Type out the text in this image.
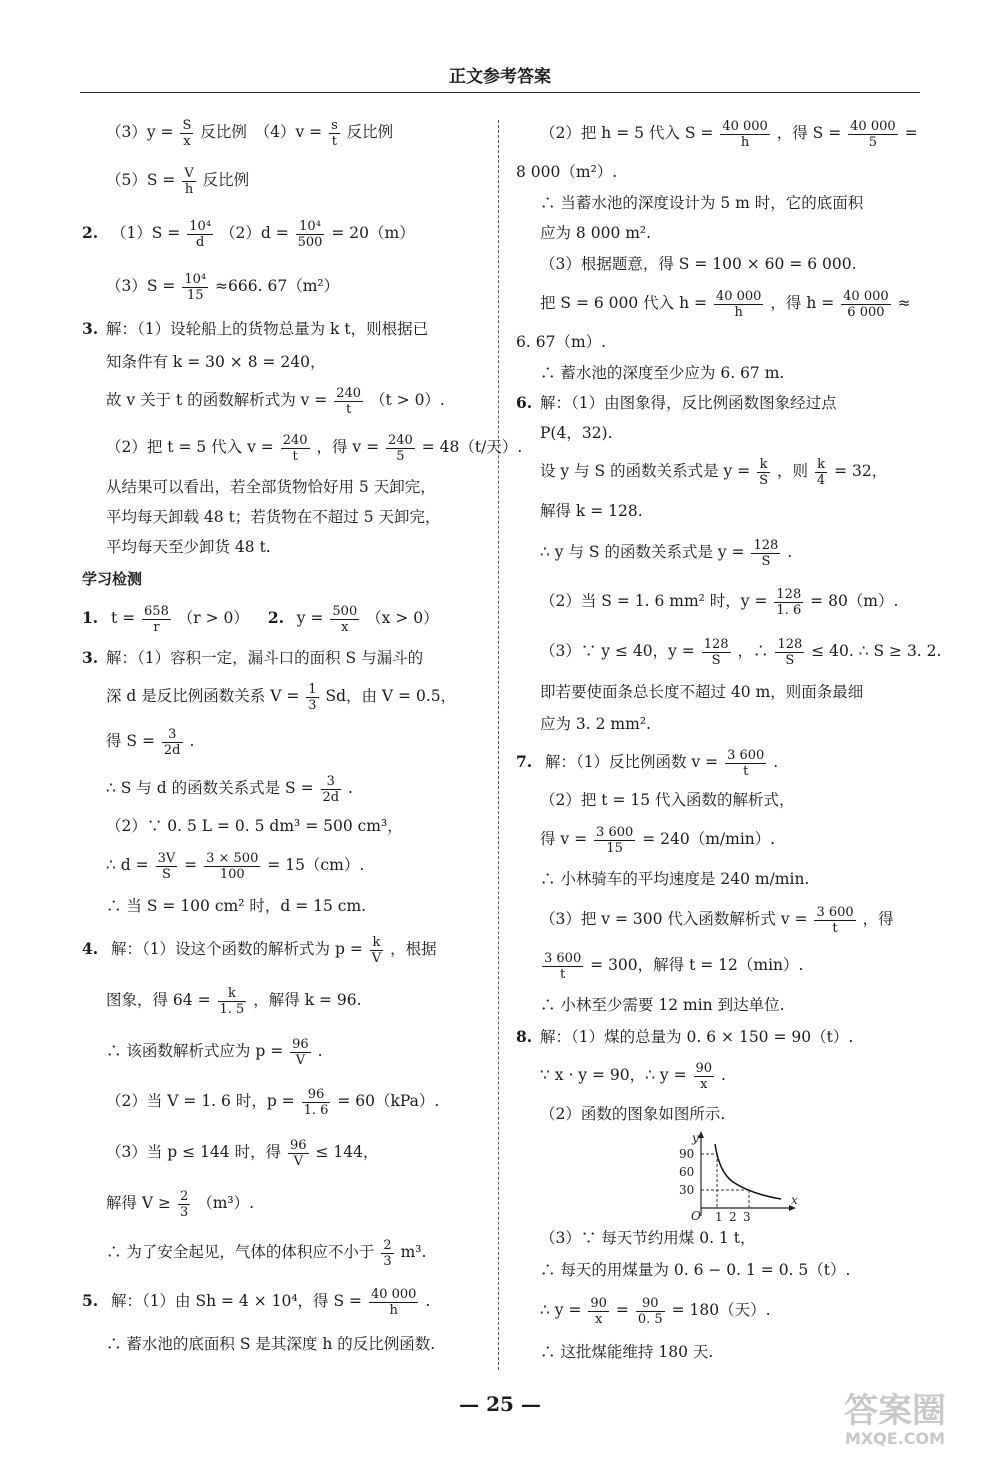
正文参考答案

$(3)y = \frac{S}{x}$ 反比例　$(4)v = \frac{s}{t}$ 反比例

$(5)S = \frac{V}{h}$ 反比例

2. $(1)S = \frac{\text{10⁴}}{d} (2)d = \frac{\text{10⁴}}{500} = 20(m)$

$(3)S = \frac{\text{10⁴}}{15} \approx 666$. 67（m²）

3. 解：（1）设轮船上的货物总量为 k t，则根据已

知条件有 k = 30 × 8 = 240，

故 v 关于 t 的函数解析式为 $v = \frac{240}{t} (t > 0)$.

（2）把 t = 5 代入 $v = \frac{240}{t}$ ，得 $v = \frac{240}{5} = 48(t/$天）.

从结果可以看出，若全部货物恰好用 5 天卸完，

平均每天卸载 48 t；若货物在不超过 5 天卸完，

平均每天至少卸货 48 t.

学习检测

1. $t = \frac{658}{r} (r > 0)$ 2. $y = \frac{500}{x} (x > 0)$

3. 解：（1）容积一定，漏斗口的面积 S 与漏斗的

深 d 是反比例函数关系 $V = \frac{1}{3}$ Sd，由 V = 0.5，

得 $S = \frac{3}{2d}$ .

∴ S 与 d 的函数关系式是 $S = \frac{3}{2d}$ .

（2）∵ 0. 5 L = 0. 5 dm³ = 500 cm³，

∴ $d = \frac{3V}{S} = \frac{3 \times 500}{100} = 15(cm)$.

∴ 当 S = 100 cm² 时，d = 15 cm.

4. 解：（1）设这个函数的解析式为 $p = \frac{k}{V}$ ，根据

图象，得 $64 = \frac{k}{1. 5}$ ，解得 k = 96.

∴ 该函数解析式应为 $p = \frac{96}{V}$ .

（2）当 V = 1. 6 时，$p = \frac{96}{1. 6} = 60(kPa)$.

（3）当 p ≤ 144 时，得 $\frac{96}{V} \le 144$，

解得 $V \ge \frac{2}{3} (m^3)$.

∴ 为了安全起见，气体的体积应不小于 $\frac{2}{3} m^3$.

5. 解：（1）由 Sh = 4 × 10⁴，得 $S = \frac{40 000}{h}$ .

∴ 蓄水池的底面积 S 是其深度 h 的反比例函数.

（2）把 h = 5 代入 $S = \frac{40 000}{h}$ ，得 $S = \frac{40 000}{5}$ =

8 000（m²）.

∴ 当蓄水池的深度设计为 5 m 时，它的底面积

应为 8 000 m².

（3）根据题意，得 S = 100 × 60 = 6 000.

把 S = 6 000 代入 $h = \frac{40 000}{h}$ ，得 $h = \frac{40 000}{6 000}$ ≈

6. 67（m）.

∴ 蓄水池的深度至少应为 6. 67 m.

6. 解：（1）由图象得，反比例函数图象经过点

P(4，32).

设 y 与 S 的函数关系式是 $y = \frac{k}{S}$ ，则 $\frac{k}{4} = 32$，

解得 k = 128.

∴ y 与 S 的函数关系式是 $y = \frac{128}{S}$ .

（2）当 S = 1. 6 mm² 时，$y = \frac{128}{1. 6} = 80(m)$.

（3）∵ y ≤ 40，$y = \frac{128}{S}$ ，∴ $\frac{128}{S} \le 40$. ∴ S ≥ 3. 2.

即若要使面条总长度不超过 40 m，则面条最细

应为 3. 2 mm².

7. 解：（1）反比例函数 $v = \frac{3 600}{t}$ .

（2）把 t = 15 代入函数的解析式，

得 $v = \frac{3 600}{15} = 240(m/\min)$.

∴ 小林骑车的平均速度是 240 m/min.

（3）把 v = 300 代入函数解析式 $v = \frac{3 600}{t}$ ，得

$\frac{3 600}{t} = 300$，解得 t = 12（min）.

∴ 小林至少需要 12 min 到达单位.

8. 解：（1）煤的总量为 0. 6 × 150 = 90（t）.

∵ x · y = 90，∴ $y = \frac{90}{x}$ .

（2）函数的图象如图所示.

y
x
O
90
60
30
1 2 3

（3）∵ 每天节约用煤 0. 1 t，

∴ 每天的用煤量为 0. 6 − 0. 1 = 0. 5（t）.

∴ $y = \frac{90}{x} = \frac{90}{0. 5} = 180$（天）.

∴ 这批煤能维持 180 天.

— 25 —	答案圈
MXQE.COM
